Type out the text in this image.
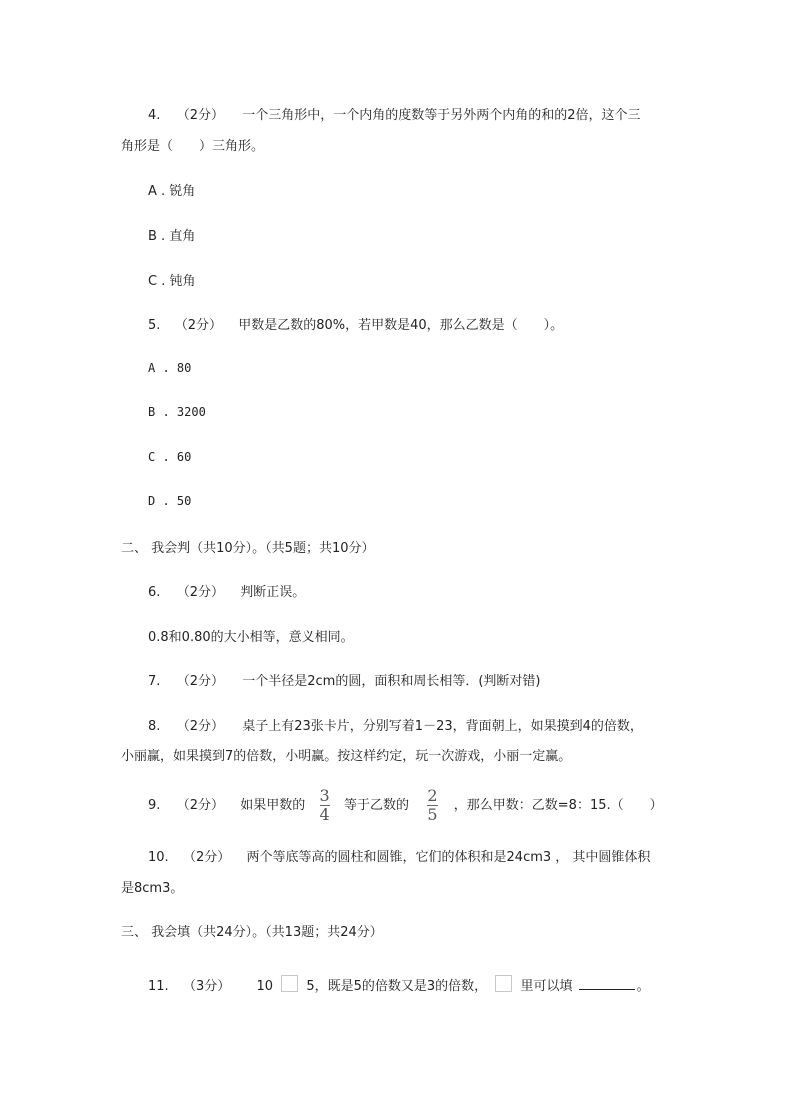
4. （2分） 一个三角形中，一个内角的度数等于另外两个内角的和的2倍，这个三
角形是（　　）三角形。
A . 锐角
B . 直角
C . 钝角
5. （2分） 甲数是乙数的80%，若甲数是40，那么乙数是（　　）。
A . 80
B . 3200
C . 60
D . 50
二、 我会判（共10分）。（共5题；共10分）
6. （2分） 判断正误。
0.8和0.80的大小相等，意义相同。
7. （2分） 一个半径是2cm的圆，面积和周长相等．(判断对错)
8. （2分） 桌子上有23张卡片，分别写着1－23，背面朝上，如果摸到4的倍数，
小丽赢，如果摸到7的倍数，小明赢。按这样约定，玩一次游戏，小丽一定赢。
9. （2分） 如果甲数的 $\frac{3}{4}$ 等于乙数的 $\frac{2}{5}$ ，那么甲数：乙数=8：15.（　　）
10. （2分） 两个等底等高的圆柱和圆锥，它们的体积和是24cm3 ， 其中圆锥体积
是8cm3。
三、 我会填（共24分）。（共13题；共24分）
11. （3分） 10	5，既是5的倍数又是3的倍数，	里可以填	。
